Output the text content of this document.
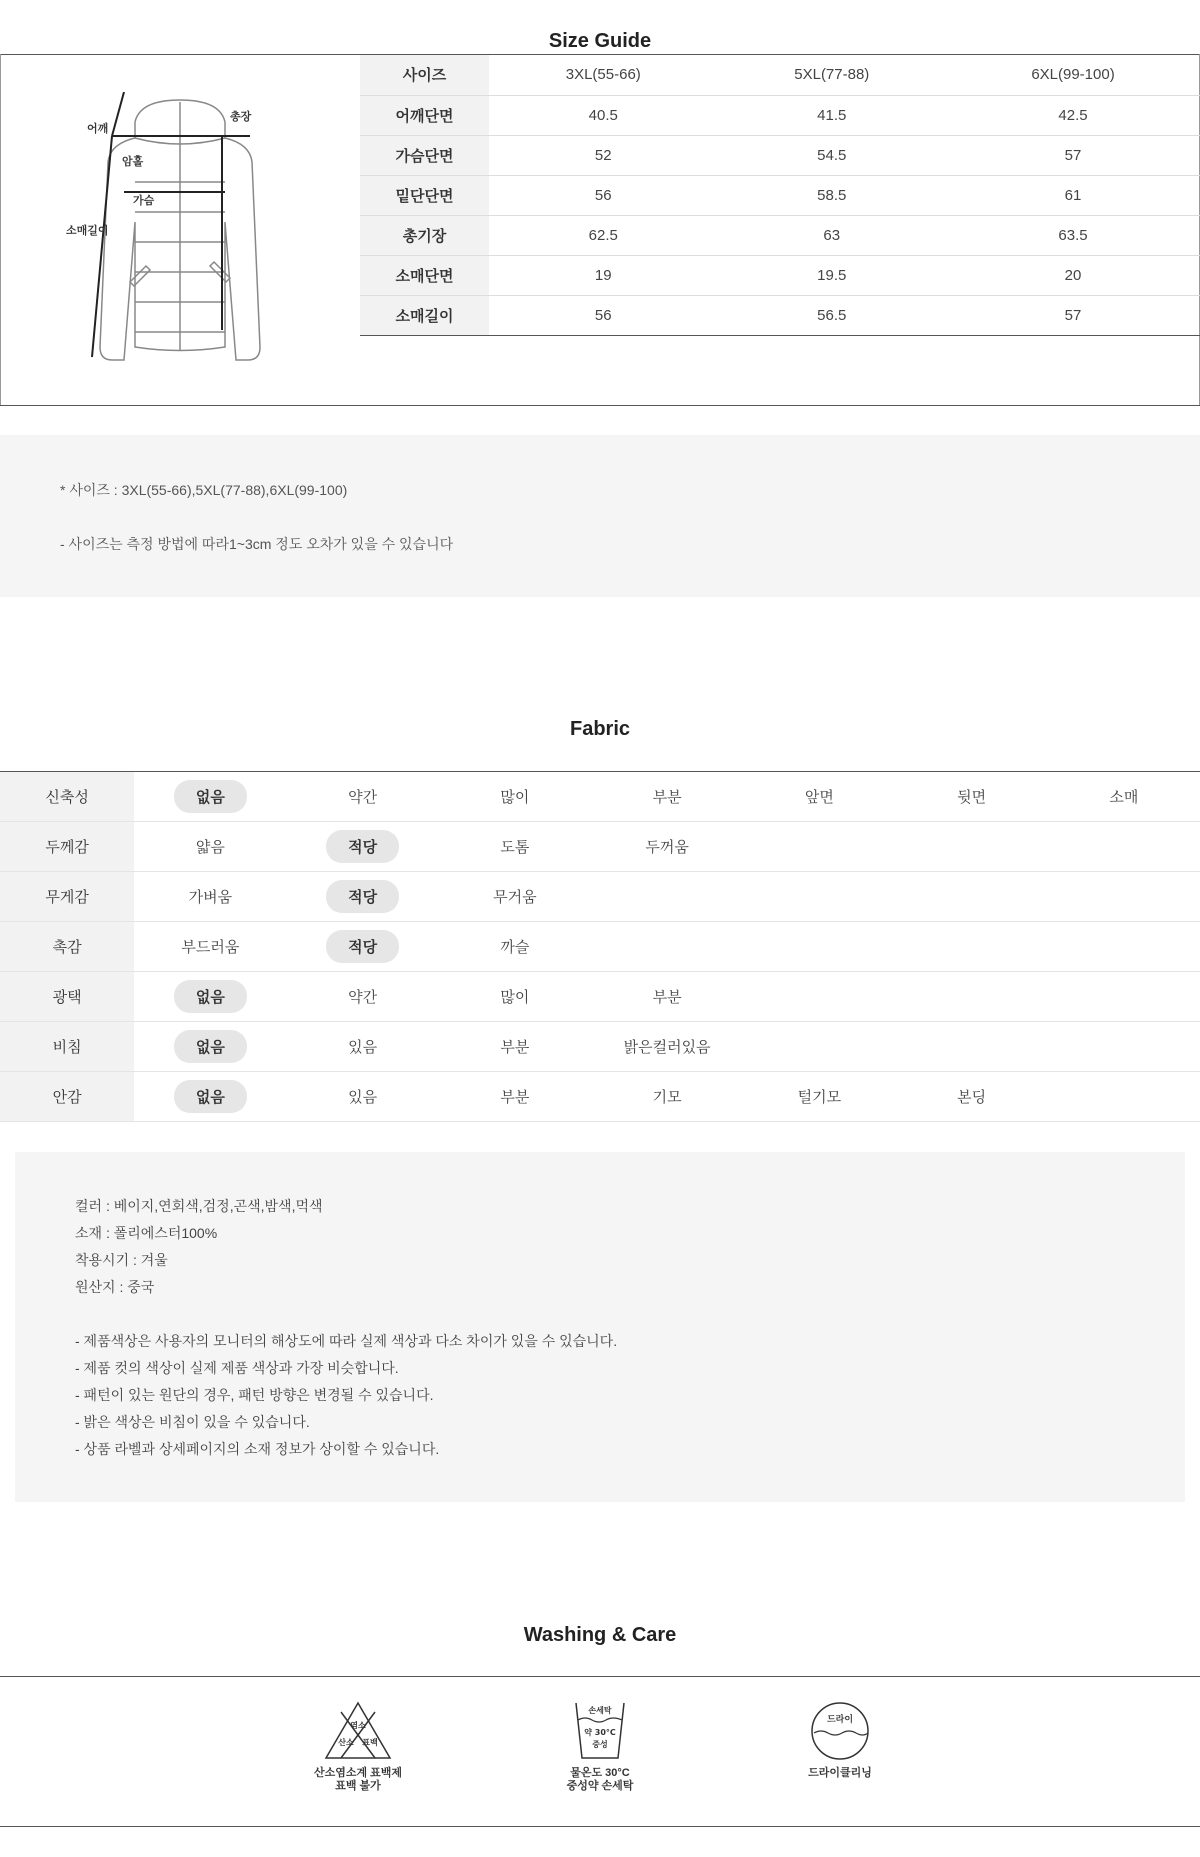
Size Guide
어깨
총장
암홀
가슴
소매길이
사이즈	3XL(55-66)	5XL(77-88)	6XL(99-100)
어깨단면	40.5	41.5	42.5
가슴단면	52	54.5	57
밑단단면	56	58.5	61
총기장	62.5	63	63.5
소매단면	19	19.5	20
소매길이	56	56.5	57
* 사이즈 : 3XL(55-66),5XL(77-88),6XL(99-100)
- 사이즈는 측정 방법에 따라1~3cm 정도 오차가 있을 수 있습니다
Fabric
신축성	없음	약간	많이	부분	앞면	뒷면	소매
두께감	얇음	적당	도톰	두꺼움			
무게감	가벼움	적당	무거움				
촉감	부드러움	적당	까슬				
광택	없음	약간	많이	부분			
비침	없음	있음	부분	밝은컬러있음			
안감	없음	있음	부분	기모	털기모	본딩	
컬러 : 베이지,연회색,검정,곤색,밤색,먹색
소재 : 폴리에스터100%
착용시기 : 겨울
원산지 : 중국
- 제품색상은 사용자의 모니터의 해상도에 따라 실제 색상과 다소 차이가 있을 수 있습니다.
- 제품 컷의 색상이 실제 제품 색상과 가장 비슷합니다.
- 패턴이 있는 원단의 경우, 패턴 방향은 변경될 수 있습니다.
- 밝은 색상은 비침이 있을 수 있습니다.
- 상품 라벨과 상세페이지의 소재 정보가 상이할 수 있습니다.
Washing & Care
염소
산소 표백
산소염소계 표백제
표백 불가
손세탁
약 30°C
중성
물온도 30°C
중성약 손세탁
드라이
드라이클리닝
